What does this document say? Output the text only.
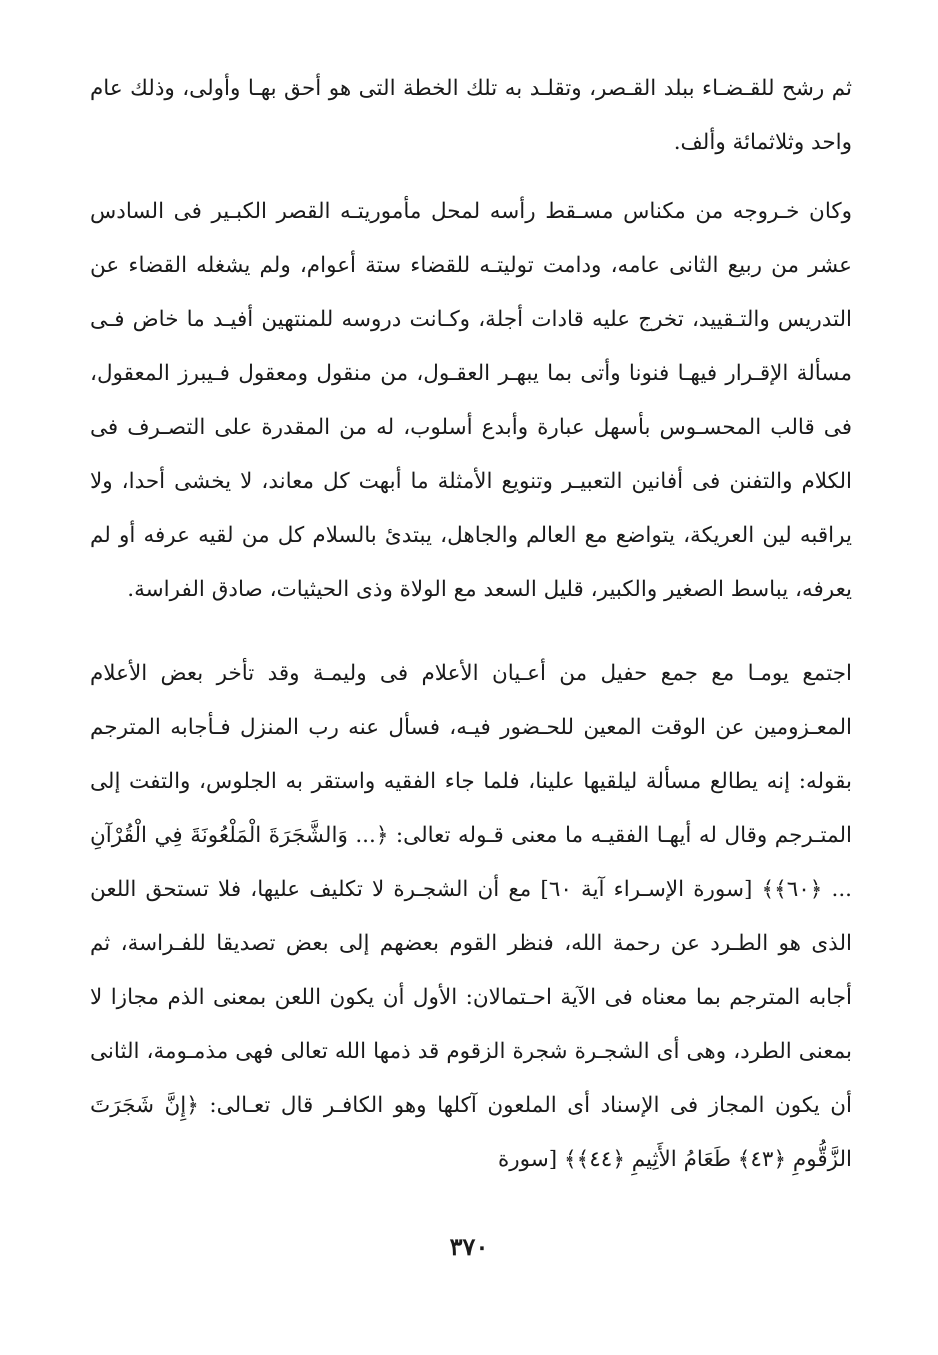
ثم رشح للقـضـاء ببلد القـصر، وتقلـد به تلك الخطة التى هو أحق بهـا وأولى، وذلك عام واحد وثلاثمائة وألف.

وكان خـروجه من مكناس مسـقط رأسه لمحل مأموريتـه القصر الكبـير فى السادس عشر من ربيع الثانى عامه، ودامت توليتـه للقضاء ستة أعوام، ولم يشغله القضاء عن التدريس والتـقييد، تخرج عليه قادات أجلة، وكـانت دروسه للمنتهين أفيـد ما خاض فـى مسألة الإقـرار فيهـا فنونا وأتى بما يبهـر العقـول، من منقول ومعقول فـيبرز المعقول، فى قالب المحسـوس بأسهل عبارة وأبدع أسلوب، له من المقدرة على التصـرف فى الكلام والتفنن فى أفانين التعبيـر وتنويع الأمثلة ما أبهت كل معاند، لا يخشى أحدا، ولا يراقبه لين العريكة، يتواضع مع العالم والجاهل، يبتدئ بالسلام كل من لقيه عرفه أو لم يعرفه، يباسط الصغير والكبير، قليل السعد مع الولاة وذى الحيثيات، صادق الفراسة.

اجتمع يومـا مع جمع حفيل من أعـيان الأعلام فى وليمـة وقد تأخر بعض الأعلام المعـزومين عن الوقت المعين للحـضور فيـه، فسأل عنه رب المنزل فـأجابه المترجم بقوله: إنه يطالع مسألة ليلقيها علينا، فلما جاء الفقيه واستقر به الجلوس، والتفت إلى المتـرجم وقال له أيهـا الفقيـه ما معنى قـوله تعالى: ﴿... وَالشَّجَرَةَ الْمَلْعُونَةَ فِي الْقُرْآنِ ... ﴿٦٠﴾﴾ [سورة الإسـراء آية ٦٠] مع أن الشجـرة لا تكليف عليها، فلا تستحق اللعن الذى هو الطـرد عن رحمة الله، فنظر القوم بعضهم إلى بعض تصديقا للفـراسة، ثم أجابه المترجم بما معناه فى الآية احـتمالان: الأول أن يكون اللعن بمعنى الذم مجازا لا بمعنى الطرد، وهى أى الشجـرة شجرة الزقوم قد ذمها الله تعالى فهى مذمـومة، الثانى أن يكون المجاز فى الإسناد أى الملعون آكلها وهو الكافـر قال تعـالى: ﴿إِنَّ شَجَرَتَ الزَّقُّومِ ﴿٤٣﴾ طَعَامُ الأَثِيمِ ﴿٤٤﴾﴾ [سورة

٣٧٠
